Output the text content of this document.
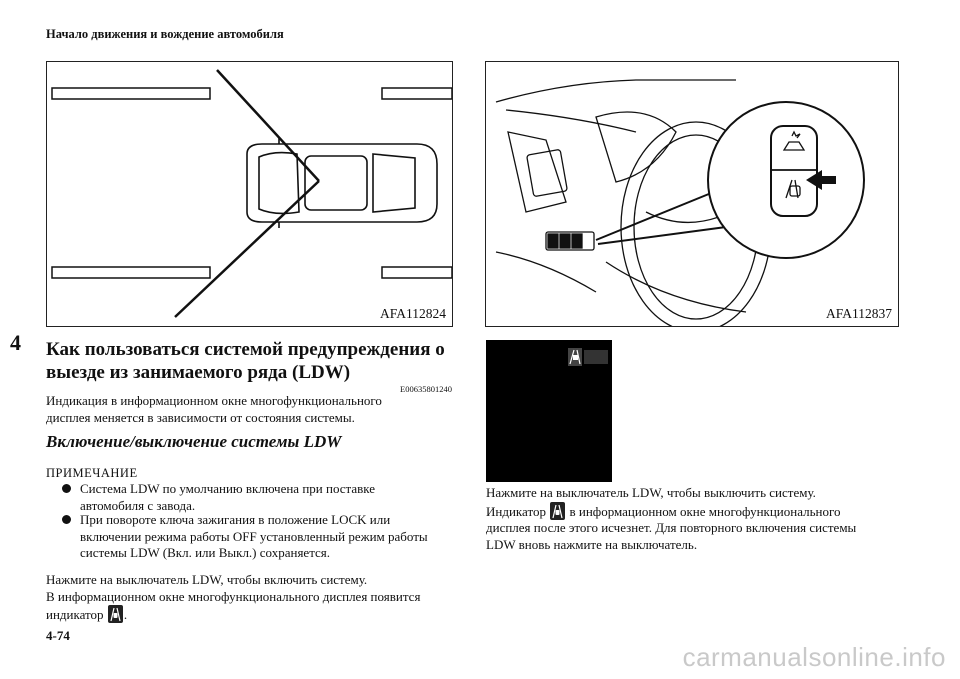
Начало движения и вождение автомобиля
4
AFA112824	AFA112837
Как пользоваться системой предупреждения о выезде из занимаемого ряда (LDW)
E00635801240
Индикация в информационном окне многофункционального
дисплея меняется в зависимости от состояния системы.
Включение/выключение системы LDW
ПРИМЕЧАНИЕ
Система LDW по умолчанию включена при поставке
автомобиля с завода.
При повороте ключа зажигания в положение LOCK или
включении режима работы OFF установленный режим работы
системы LDW (Вкл. или Выкл.) сохраняется.
Нажмите на выключатель LDW, чтобы включить систему.
В информационном окне многофункционального дисплея появится
индикатор .
4-74
Нажмите на выключатель LDW, чтобы выключить систему.
Индикатор в информационном окне многофункционального
дисплея после этого исчезнет. Для повторного включения системы
LDW вновь нажмите на выключатель.
carmanualsonline.info
